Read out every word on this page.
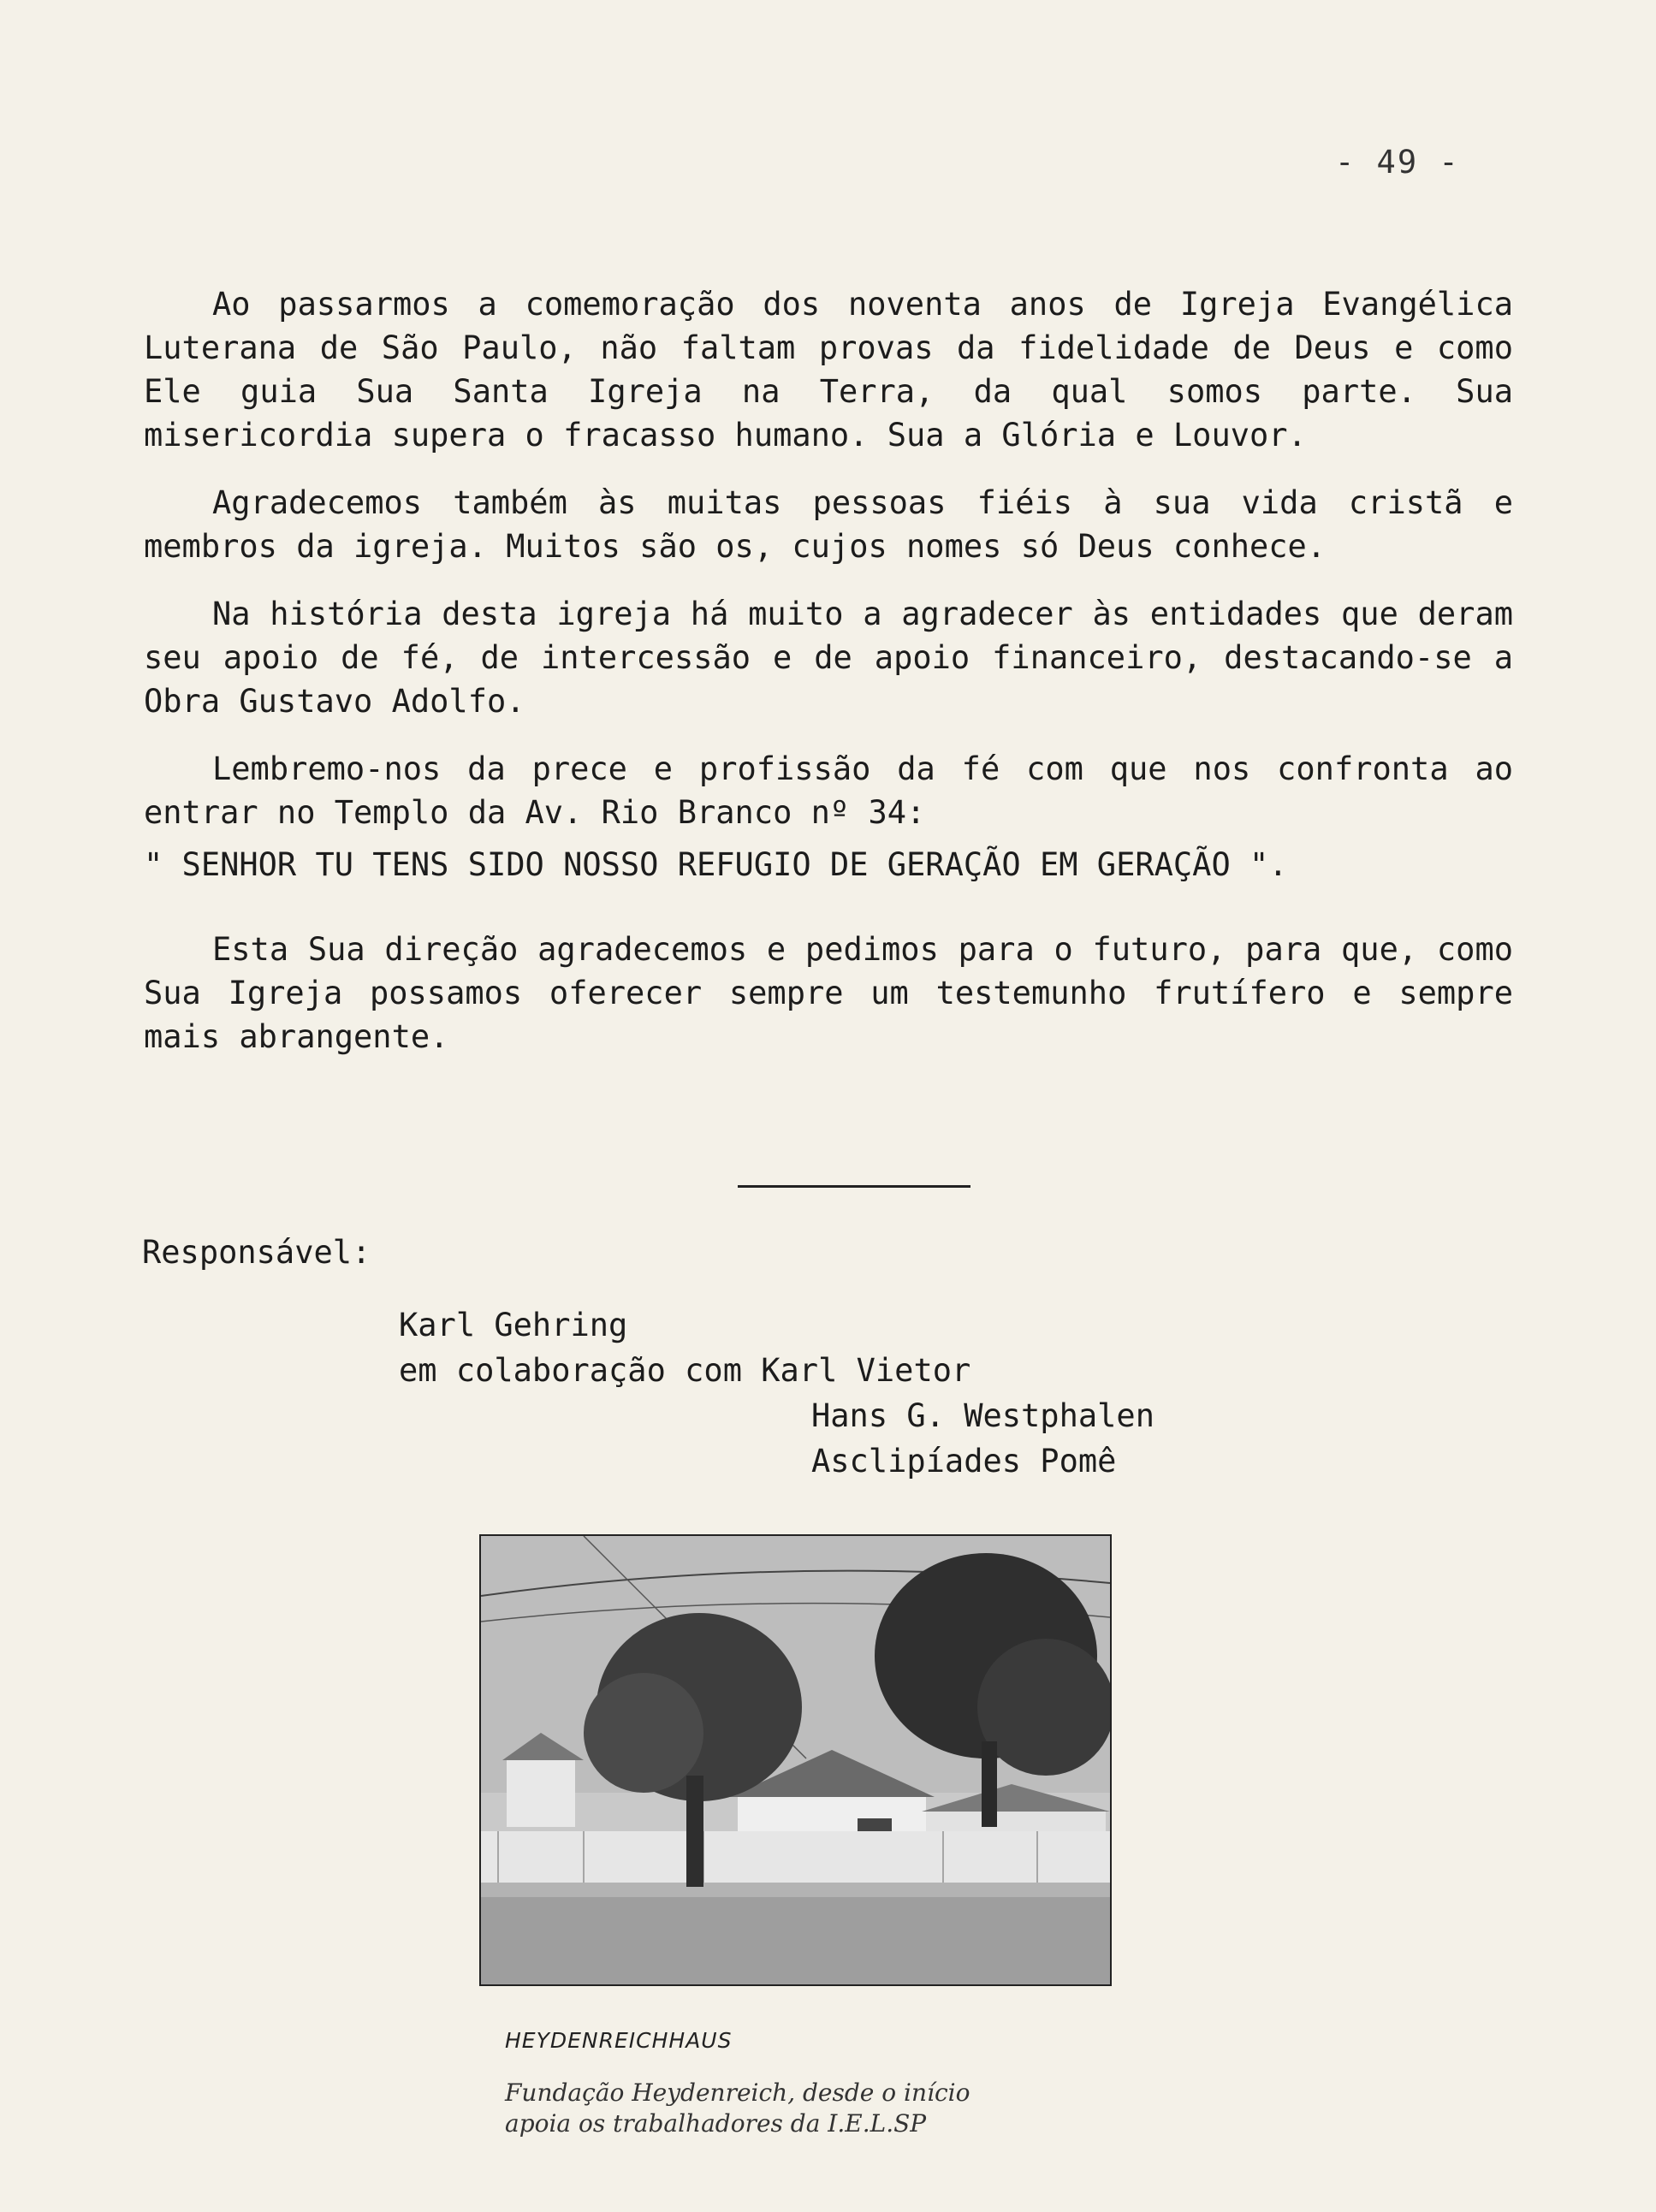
- 49 -

Ao passarmos a comemoração dos noventa anos de Igreja Evangélica Luterana de São Paulo, não faltam provas da fidelidade de Deus e como Ele guia Sua Santa Igreja na Terra, da qual somos parte. Sua misericordia supera o fracasso humano. Sua a Glória e Louvor.

Agradecemos também às muitas pessoas fiéis à sua vida cristã e membros da igreja. Muitos são os, cujos nomes só Deus conhece.

Na história desta igreja há muito a agradecer às entidades que deram seu apoio de fé, de intercessão e de apoio financeiro, destacando-se a Obra Gustavo Adolfo.

Lembremo-nos da prece e profissão da fé com que nos confronta ao entrar no Templo da Av. Rio Branco nº 34:

" SENHOR TU TENS SIDO NOSSO REFUGIO DE GERAÇÃO EM GERAÇÃO ".

Esta Sua direção agradecemos e pedimos para o futuro, para que, como Sua Igreja possamos oferecer sempre um testemunho frutífero e sempre mais abrangente.

Responsável:
Karl Gehring
em colaboração com Karl Vietor
Hans G. Westphalen
Asclipíades Pomê
HEYDENREICHHAUS
Fundação Heydenreich, desde o início
apoia os trabalhadores da I.E.L.SP
